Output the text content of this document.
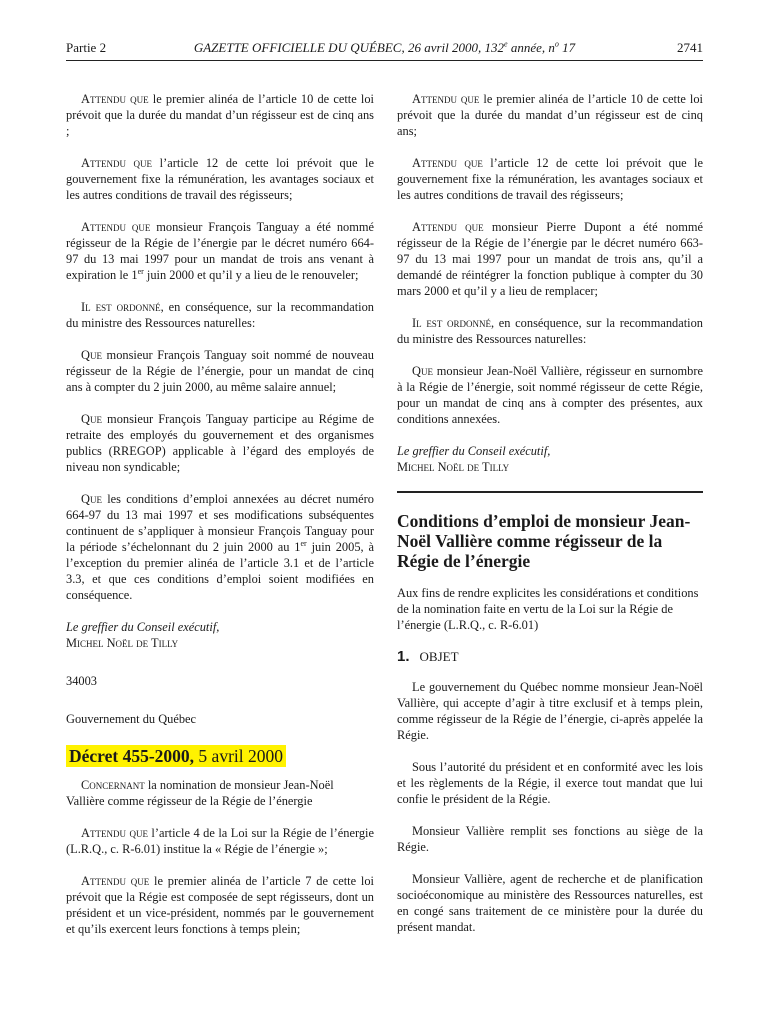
Partie 2	GAZETTE OFFICIELLE DU QUÉBEC, 26 avril 2000, 132e année, $n^o$ 17	2741

Attendu que le premier alinéa de l’article 10 de cette loi prévoit que la durée du mandat d’un régisseur est de cinq ans ;

Attendu que l’article 12 de cette loi prévoit que le gouvernement fixe la rémunération, les avantages sociaux et les autres conditions de travail des régisseurs;

Attendu que monsieur François Tanguay a été nommé régisseur de la Régie de l’énergie par le décret numéro 664-97 du 13 mai 1997 pour un mandat de trois ans venant à expiration le 1er juin 2000 et qu’il y a lieu de le renouveler;

Il est ordonné, en conséquence, sur la recommandation du ministre des Ressources naturelles:

Que monsieur François Tanguay soit nommé de nouveau régisseur de la Régie de l’énergie, pour un mandat de cinq ans à compter du 2 juin 2000, au même salaire annuel;

Que monsieur François Tanguay participe au Régime de retraite des employés du gouvernement et des organismes publics (RREGOP) applicable à l’égard des employés de niveau non syndicable;

Que les conditions d’emploi annexées au décret numéro 664-97 du 13 mai 1997 et ses modifications subséquentes continuent de s’appliquer à monsieur François Tanguay pour la période s’échelonnant du 2 juin 2000 au 1er juin 2005, à l’exception du premier alinéa de l’article 3.1 et de l’article 3.3, et que ces conditions d’emploi soient modifiées en conséquence.

Le greffier du Conseil exécutif,
Michel Noël de Tilly
34003
Gouvernement du Québec
Décret 455-2000, 5 avril 2000

Concernant la nomination de monsieur Jean-Noël Vallière comme régisseur de la Régie de l’énergie

Attendu que l’article 4 de la Loi sur la Régie de l’énergie (L.R.Q., c. R-6.01) institue la « Régie de l’énergie »;

Attendu que le premier alinéa de l’article 7 de cette loi prévoit que la Régie est composée de sept régisseurs, dont un président et un vice-président, nommés par le gouvernement et qu’ils exercent leurs fonctions à temps plein;

Attendu que le premier alinéa de l’article 10 de cette loi prévoit que la durée du mandat d’un régisseur est de cinq ans;

Attendu que l’article 12 de cette loi prévoit que le gouvernement fixe la rémunération, les avantages sociaux et les autres conditions de travail des régisseurs;

Attendu que monsieur Pierre Dupont a été nommé régisseur de la Régie de l’énergie par le décret numéro 663-97 du 13 mai 1997 pour un mandat de trois ans, qu’il a demandé de réintégrer la fonction publique à compter du 30 mars 2000 et qu’il y a lieu de remplacer;

Il est ordonné, en conséquence, sur la recommandation du ministre des Ressources naturelles:

Que monsieur Jean-Noël Vallière, régisseur en surnombre à la Régie de l’énergie, soit nommé régisseur de cette Régie, pour un mandat de cinq ans à compter des présentes, aux conditions annexées.

Le greffier du Conseil exécutif,
Michel Noël de Tilly
Conditions d’emploi de monsieur Jean-Noël Vallière comme régisseur de la Régie de l’énergie

Aux fins de rendre explicites les considérations et conditions de la nomination faite en vertu de la Loi sur la Régie de l’énergie (L.R.Q., c. R-6.01)

1. OBJET

Le gouvernement du Québec nomme monsieur Jean-Noël Vallière, qui accepte d’agir à titre exclusif et à temps plein, comme régisseur de la Régie de l’énergie, ci-après appelée la Régie.

Sous l’autorité du président et en conformité avec les lois et les règlements de la Régie, il exerce tout mandat que lui confie le président de la Régie.

Monsieur Vallière remplit ses fonctions au siège de la Régie.

Monsieur Vallière, agent de recherche et de planification socioéconomique au ministère des Ressources naturelles, est en congé sans traitement de ce ministère pour la durée du présent mandat.
